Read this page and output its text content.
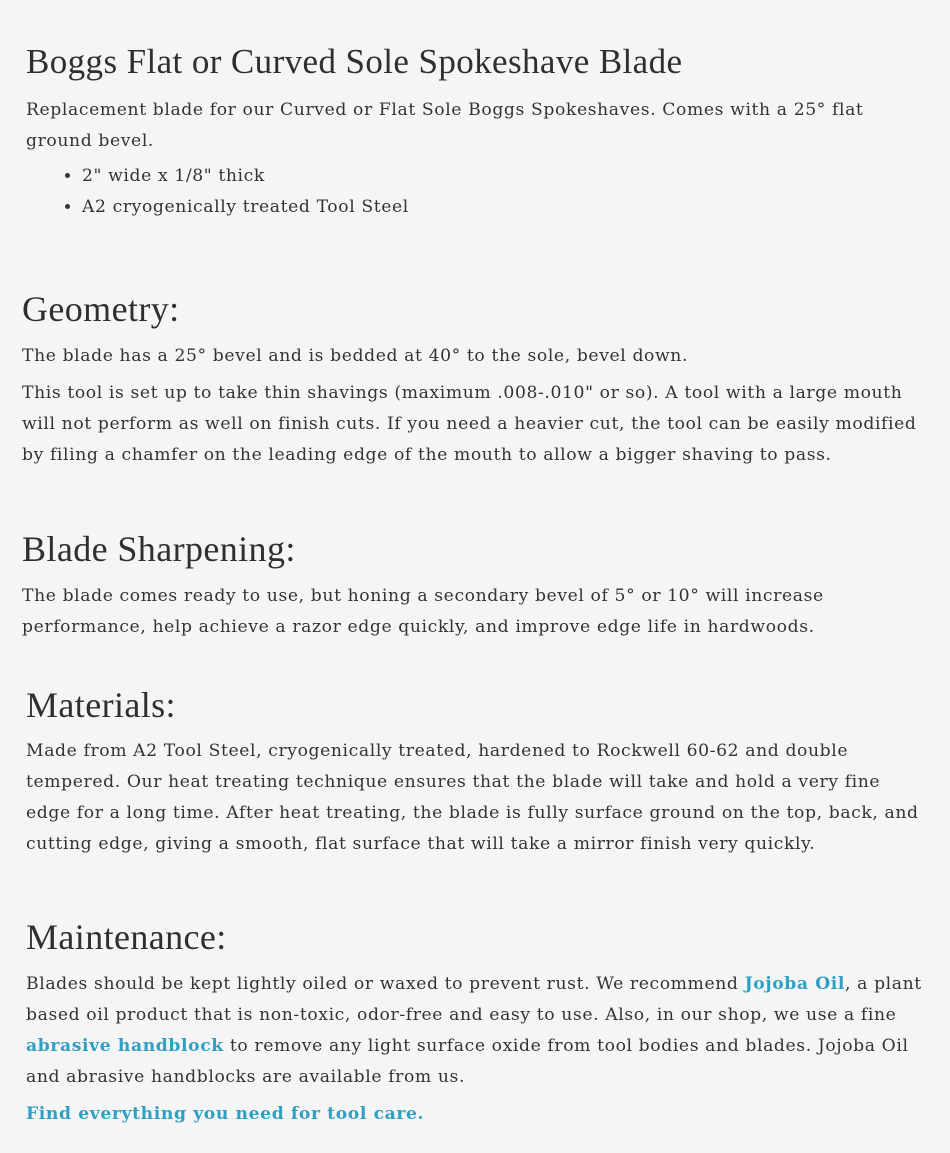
Boggs Flat or Curved Sole Spokeshave Blade

Replacement blade for our Curved or Flat Sole Boggs Spokeshaves. Comes with a 25° flat ground bevel.

• 2" wide x 1/8" thick
• A2 cryogenically treated Tool Steel
Geometry:

The blade has a 25° bevel and is bedded at 40° to the sole, bevel down.

This tool is set up to take thin shavings (maximum .008-.010" or so). A tool with a large mouth will not perform as well on finish cuts. If you need a heavier cut, the tool can be easily modified by filing a chamfer on the leading edge of the mouth to allow a bigger shaving to pass.

Blade Sharpening:

The blade comes ready to use, but honing a secondary bevel of 5° or 10° will increase performance, help achieve a razor edge quickly, and improve edge life in hardwoods.

Materials:

Made from A2 Tool Steel, cryogenically treated, hardened to Rockwell 60-62 and double tempered. Our heat treating technique ensures that the blade will take and hold a very fine edge for a long time. After heat treating, the blade is fully surface ground on the top, back, and cutting edge, giving a smooth, flat surface that will take a mirror finish very quickly.

Maintenance:

Blades should be kept lightly oiled or waxed to prevent rust. We recommend Jojoba Oil, a plant based oil product that is non-toxic, odor-free and easy to use. Also, in our shop, we use a fine abrasive handblock to remove any light surface oxide from tool bodies and blades. Jojoba Oil and abrasive handblocks are available from us.

Find everything you need for tool care.
